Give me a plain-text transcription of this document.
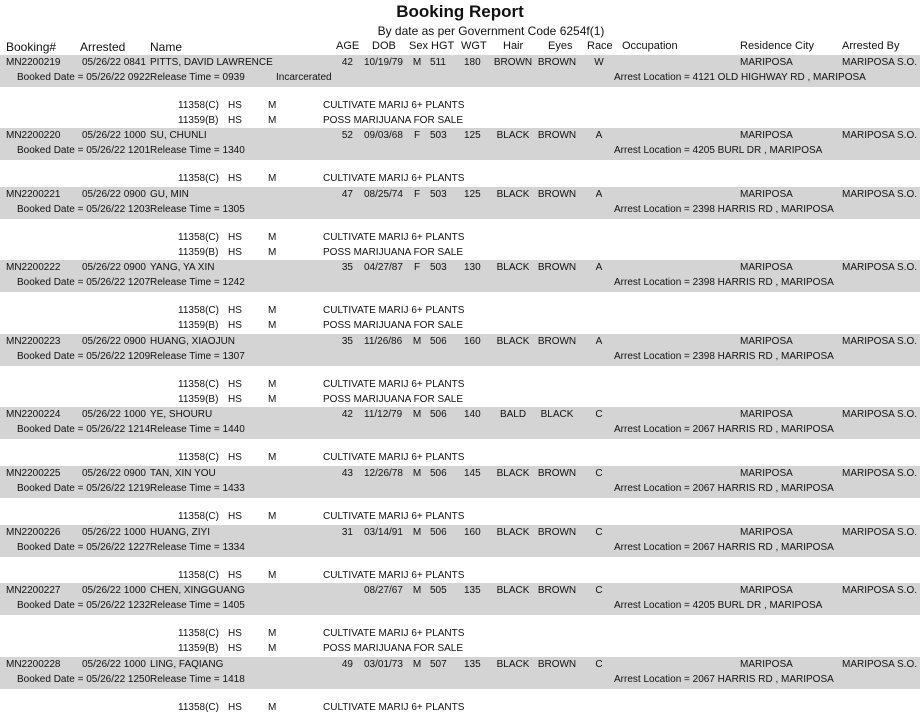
Booking Report
By date as per Government Code 6254f(1)
Booking# Arrested Name	AGE DOB Sex HGT WGT Hair Eyes Race Occupation	Residence City	Arrested By
MN2200219 05/26/22 0841 PITTS, DAVID LAWRENCE	42 10/19/79 M 511 180	BROWN BROWN	W	MARIPOSA	MARIPOSA S.O.
Booked Date = 05/26/22 0922 Release Time = 0939	Incarcerated	Arrest Location = 4121 OLD HIGHWAY RD , MARIPOSA
11358(C) HS	M	CULTIVATE MARIJ 6+ PLANTS
11359(B) HS	M	POSS MARIJUANA FOR SALE
MN2200220 05/26/22 1000 SU, CHUNLI	52 09/03/68	F 503 125	BLACK BROWN	A	MARIPOSA	MARIPOSA S.O.
Booked Date = 05/26/22 1201 Release Time = 1340	Arrest Location = 4205 BURL DR , MARIPOSA
11358(C) HS	M	CULTIVATE MARIJ 6+ PLANTS
MN2200221 05/26/22 0900 GU, MIN	47 08/25/74	F 503 125	BLACK BROWN	A	MARIPOSA	MARIPOSA S.O.
Booked Date = 05/26/22 1203 Release Time = 1305	Arrest Location = 2398 HARRIS RD , MARIPOSA
11358(C) HS	M	CULTIVATE MARIJ 6+ PLANTS
11359(B) HS	M	POSS MARIJUANA FOR SALE
MN2200222 05/26/22 0900 YANG, YA XIN	35 04/27/87	F 503 130	BLACK BROWN	A	MARIPOSA	MARIPOSA S.O.
Booked Date = 05/26/22 1207 Release Time = 1242	Arrest Location = 2398 HARRIS RD , MARIPOSA
11358(C) HS	M	CULTIVATE MARIJ 6+ PLANTS
11359(B) HS	M	POSS MARIJUANA FOR SALE
MN2200223 05/26/22 0900 HUANG, XIAOJUN	35 11/26/86	M 506 160	BLACK BROWN	A	MARIPOSA	MARIPOSA S.O.
Booked Date = 05/26/22 1209 Release Time = 1307	Arrest Location = 2398 HARRIS RD , MARIPOSA
11358(C) HS	M	CULTIVATE MARIJ 6+ PLANTS
11359(B) HS	M	POSS MARIJUANA FOR SALE
MN2200224 05/26/22 1000 YE, SHOURU	42 11/12/79	M 506 140	BALD	BLACK	C	MARIPOSA	MARIPOSA S.O.
Booked Date = 05/26/22 1214 Release Time = 1440	Arrest Location = 2067 HARRIS RD , MARIPOSA
11358(C) HS	M	CULTIVATE MARIJ 6+ PLANTS
MN2200225 05/26/22 0900 TAN, XIN YOU	43 12/26/78 M 506 145	BLACK BROWN	C	MARIPOSA	MARIPOSA S.O.
Booked Date = 05/26/22 1219 Release Time = 1433	Arrest Location = 2067 HARRIS RD , MARIPOSA
11358(C) HS	M	CULTIVATE MARIJ 6+ PLANTS
MN2200226 05/26/22 1000 HUANG, ZIYI	31 03/14/91 M 506 160	BLACK BROWN	C	MARIPOSA	MARIPOSA S.O.
Booked Date = 05/26/22 1227 Release Time = 1334	Arrest Location = 2067 HARRIS RD , MARIPOSA
11358(C) HS	M	CULTIVATE MARIJ 6+ PLANTS
MN2200227 05/26/22 1000 CHEN, XINGGUANG	08/27/67 M 505 135	BLACK BROWN	C	MARIPOSA	MARIPOSA S.O.
Booked Date = 05/26/22 1232 Release Time = 1405	Arrest Location = 4205 BURL DR , MARIPOSA
11358(C) HS	M	CULTIVATE MARIJ 6+ PLANTS
11359(B) HS	M	POSS MARIJUANA FOR SALE
MN2200228 05/26/22 1000 LING, FAQIANG	49 03/01/73 M 507 135	BLACK BROWN	C	MARIPOSA	MARIPOSA S.O.
Booked Date = 05/26/22 1250 Release Time = 1418	Arrest Location = 2067 HARRIS RD , MARIPOSA
11358(C) HS	M	CULTIVATE MARIJ 6+ PLANTS
